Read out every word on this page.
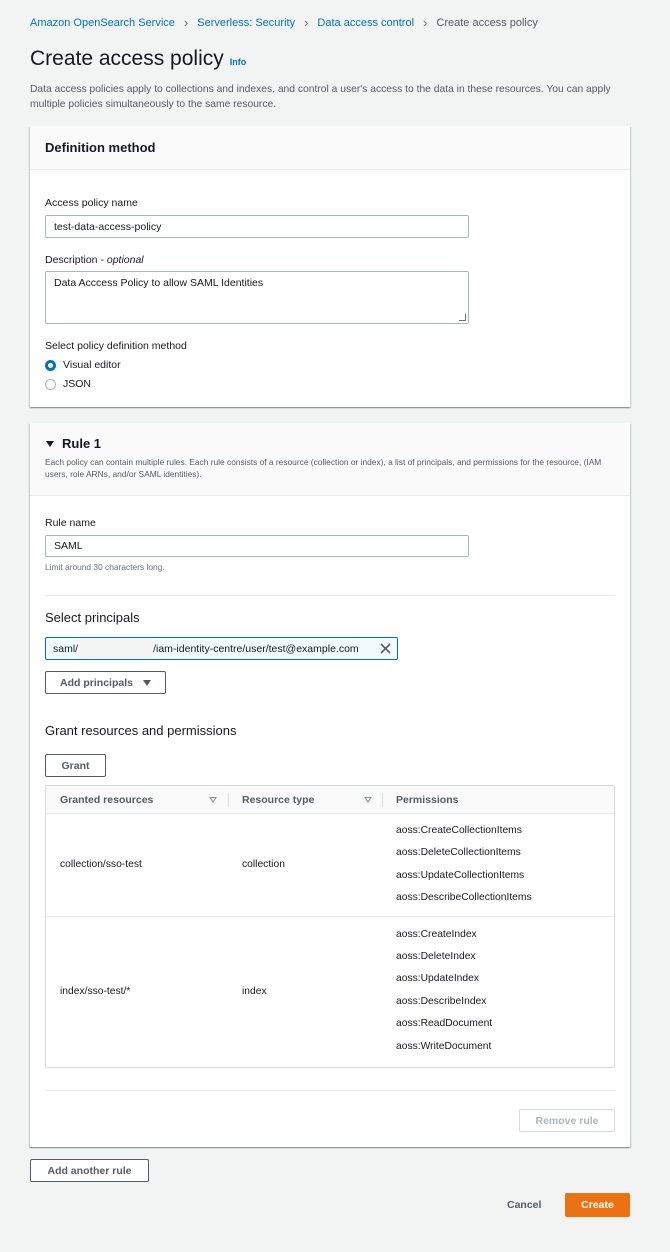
Amazon OpenSearch Service › Serverless: Security › Data access control › Create access policy
Create access policy Info
Data access policies apply to collections and indexes, and control a user's access to the data in these resources. You can apply multiple policies simultaneously to the same resource.
Definition method
Access policy name
test-data-access-policy
Description - optional
Data Acccess Policy to allow SAML Identities
Select policy definition method
Visual editor
JSON
Rule 1
Each policy can contain multiple rules. Each rule consists of a resource (collection or index), a list of principals, and permissions for the resource, (IAM users, role ARNs, and/or SAML identities).
Rule name
SAML
Limit around 30 characters long.
Select principals
saml/	/iam-identity-centre/user/test@example.com
Add principals
Grant resources and permissions
Grant
Granted resources	Resource type	Permissions
collection/sso-test	collection
aoss:CreateCollectionItems
aoss:DeleteCollectionItems
aoss:UpdateCollectionItems
aoss:DescribeCollectionItems
index/sso-test/*	index
aoss:CreateIndex
aoss:DeleteIndex
aoss:UpdateIndex
aoss:DescribeIndex
aoss:ReadDocument
aoss:WriteDocument
Remove rule
Add another rule
Cancel	Create
